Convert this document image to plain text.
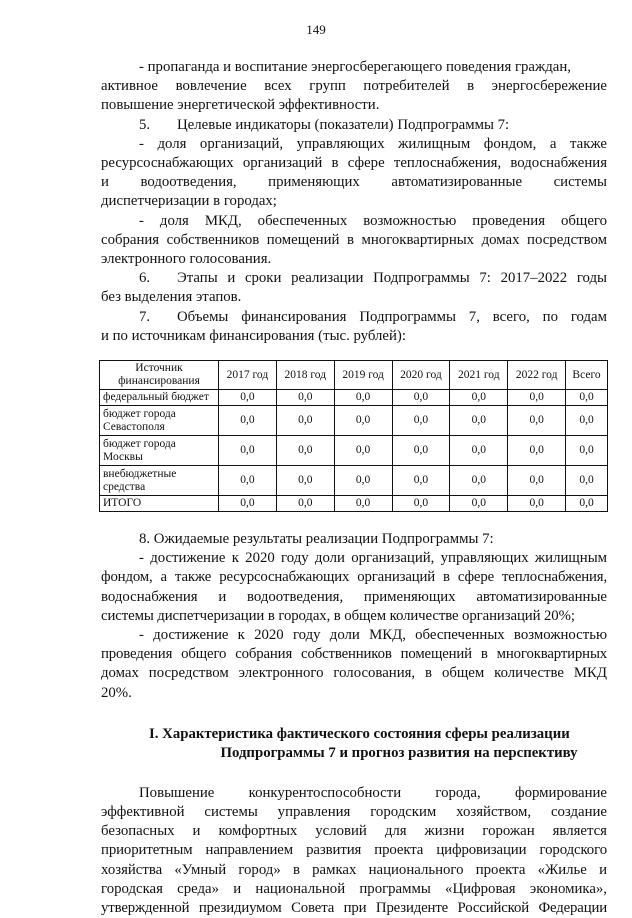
149
- пропаганда и воспитание энергосберегающего поведения граждан,
активное вовлечение всех групп потребителей в энергосбережение
повышение энергетической эффективности.
5. Целевые индикаторы (показатели) Подпрограммы 7:
- доля организаций, управляющих жилищным фондом, а также
ресурсоснабжающих организаций в сфере теплоснабжения, водоснабжения
и водоотведения, применяющих автоматизированные системы
диспетчеризации в городах;
- доля МКД, обеспеченных возможностью проведения общего
собрания собственников помещений в многоквартирных домах посредством
электронного голосования.
6. Этапы и сроки реализации Подпрограммы 7: 2017–2022 годы
без выделения этапов.
7. Объемы финансирования Подпрограммы 7, всего, по годам
и по источникам финансирования (тыс. рублей):
Источник финансирования	2017 год	2018 год	2019 год	2020 год	2021 год	2022 год	Всего
федеральный бюджет	0,0	0,0	0,0	0,0	0,0	0,0	0,0
бюджет города Севастополя	0,0	0,0	0,0	0,0	0,0	0,0	0,0
бюджет города Москвы	0,0	0,0	0,0	0,0	0,0	0,0	0,0
внебюджетные средства	0,0	0,0	0,0	0,0	0,0	0,0	0,0
ИТОГО	0,0	0,0	0,0	0,0	0,0	0,0	0,0
8. Ожидаемые результаты реализации Подпрограммы 7:
- достижение к 2020 году доли организаций, управляющих жилищным
фондом, а также ресурсоснабжающих организаций в сфере теплоснабжения,
водоснабжения и водоотведения, применяющих автоматизированные
системы диспетчеризации в городах, в общем количестве организаций 20%;
- достижение к 2020 году доли МКД, обеспеченных возможностью
проведения общего собрания собственников помещений в многоквартирных
домах посредством электронного голосования, в общем количестве МКД
20%.
I. Характеристика фактического состояния сферы реализации
Подпрограммы 7 и прогноз развития на перспективу
Повышение конкурентоспособности города, формирование
эффективной системы управления городским хозяйством, создание
безопасных и комфортных условий для жизни горожан является
приоритетным направлением развития проекта цифровизации городского
хозяйства «Умный город» в рамках национального проекта «Жилье и
городская среда» и национальной программы «Цифровая экономика»,
утвержденной президиумом Совета при Президенте Российской Федерации
